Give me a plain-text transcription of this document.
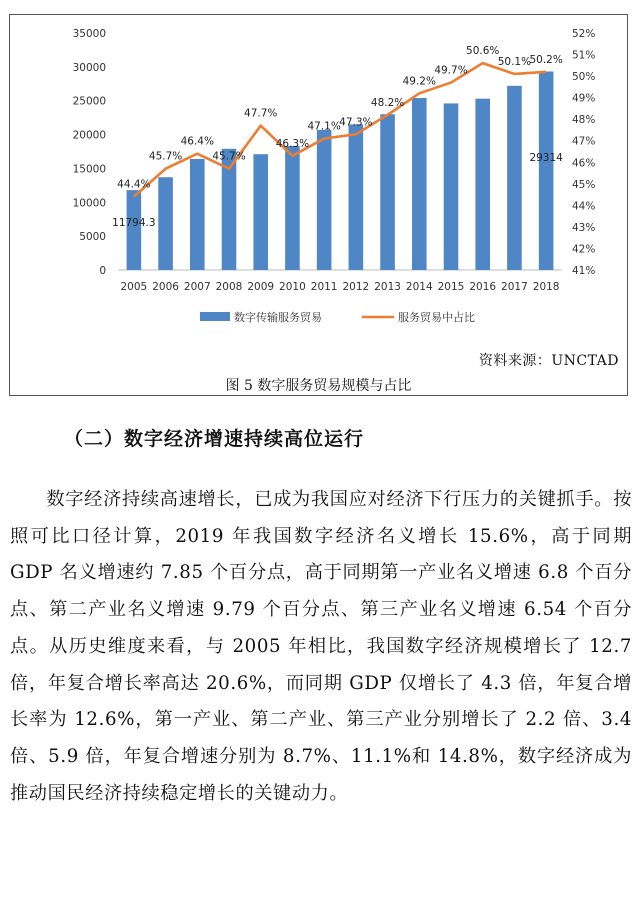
0
5000
10000
15000
20000
25000
30000
35000
41%
42%
43%
44%
45%
46%
47%
48%
49%
50%
51%
52%
2005 2006 2007 2008 2009 2010 2011 2012 2013 2014 2015 2016 2017 2018
44.4%
45.7%
46.4%
45.7%
47.7%
46.3%
47.1%
47.3%
48.2%
49.2%
49.7%
50.6%
50.1%
50.2%
11794.3
29314
数字传输服务贸易	服务贸易中占比
资料来源：UNCTAD
图 5 数字服务贸易规模与占比
（二）数字经济增速持续高位运行

数字经济持续高速增长，已成为我国应对经济下行压力的关键抓手。按照可比口径计算，2019 年我国数字经济名义增长 15.6%，高于同期 GDP 名义增速约 7.85 个百分点，高于同期第一产业名义增速 6.8 个百分点、第二产业名义增速 9.79 个百分点、第三产业名义增速 6.54 个百分点。从历史维度来看，与 2005 年相比，我国数字经济规模增长了 12.7 倍，年复合增长率高达 20.6%，而同期 GDP 仅增长了 4.3 倍，年复合增长率为 12.6%，第一产业、第二产业、第三产业分别增长了 2.2 倍、3.4 倍、5.9 倍，年复合增速分别为 8.7%、11.1%和 14.8%，数字经济成为推动国民经济持续稳定增长的关键动力。
